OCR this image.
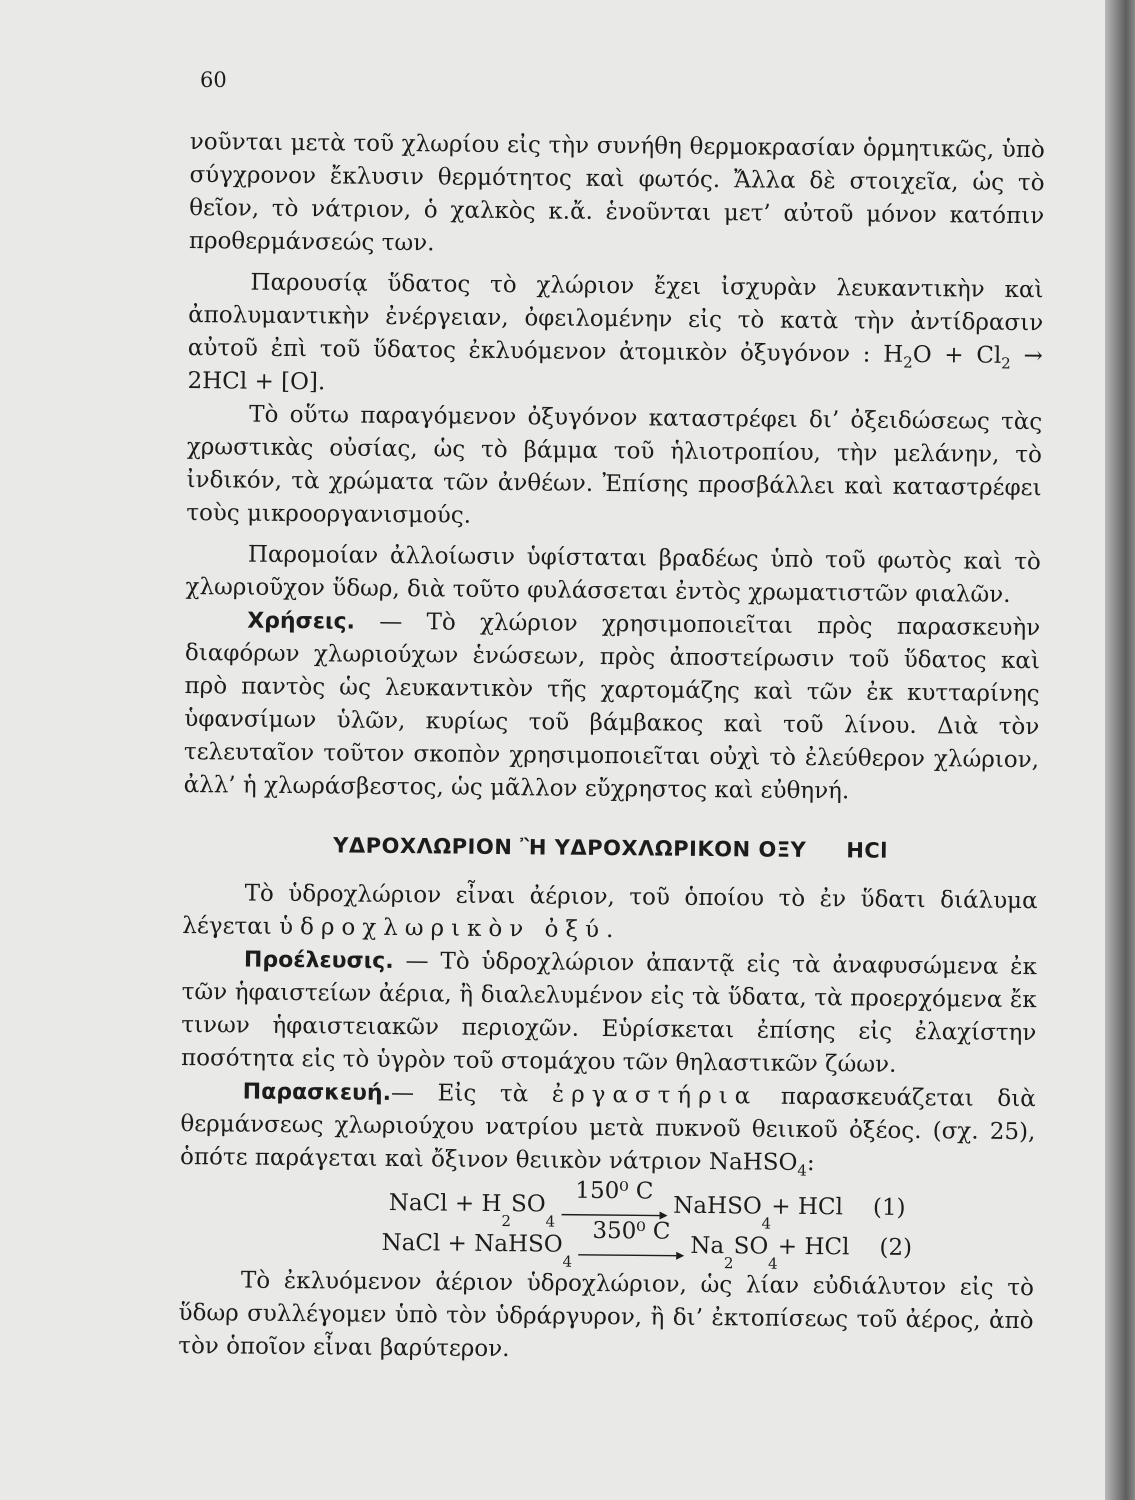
60

νοῦνται μετὰ τοῦ χλωρίου εἰς τὴν συνήθη θερμοκρασίαν ὁρμητικῶς, ὑπὸ σύγχρονον ἔκλυσιν θερμότητος καὶ φωτός. Ἄλλα δὲ στοιχεῖα, ὡς τὸ θεῖον, τὸ νάτριον, ὁ χαλκὸς κ.ἄ. ἑνοῦνται μετ’ αὐτοῦ μόνον κατόπιν προθερμάνσεώς των.

Παρουσίᾳ ὕδατος τὸ χλώριον ἔχει ἰσχυρὰν λευκαντικὴν καὶ ἀπολυμαντικὴν ἐνέργειαν, ὀφειλομένην εἰς τὸ κατὰ τὴν ἀντίδρασιν αὐτοῦ ἐπὶ τοῦ ὕδατος ἐκλυόμενον ἀτομικὸν ὀξυγόνον : $H_2O + Cl_2 \to 2HCl + [O]$.

Τὸ οὕτω παραγόμενον ὀξυγόνον καταστρέφει δι’ ὀξειδώσεως τὰς χρωστικὰς οὐσίας, ὡς τὸ βάμμα τοῦ ἡλιοτροπίου, τὴν μελάνην, τὸ ἰνδικόν, τὰ χρώματα τῶν ἀνθέων. Ἐπίσης προσβάλλει καὶ καταστρέφει τοὺς μικροοργανισμούς.

Παρομοίαν ἀλλοίωσιν ὑφίσταται βραδέως ὑπὸ τοῦ φωτὸς καὶ τὸ χλωριοῦχον ὕδωρ, διὰ τοῦτο φυλάσσεται ἐντὸς χρωματιστῶν φιαλῶν.

Χρήσεις. — Τὸ χλώριον χρησιμοποιεῖται πρὸς παρασκευὴν διαφόρων χλωριούχων ἑνώσεων, πρὸς ἀποστείρωσιν τοῦ ὕδατος καὶ πρὸ παντὸς ὡς λευκαντικὸν τῆς χαρτομάζης καὶ τῶν ἐκ κυτταρίνης ὑφανσίμων ὑλῶν, κυρίως τοῦ βάμβακος καὶ τοῦ λίνου. Διὰ τὸν τελευταῖον τοῦτον σκοπὸν χρησιμοποιεῖται οὐχὶ τὸ ἐλεύθερον χλώριον, ἀλλ’ ἡ χλωράσβεστος, ὡς μᾶλλον εὔχρηστος καὶ εὐθηνή.

ΥΔΡΟΧΛΩΡΙΟΝ Ἢ ΥΔΡΟΧΛΩΡΙΚΟΝ ΟΞΥ HCl

Τὸ ὑδροχλώριον εἶναι ἀέριον, τοῦ ὁποίου τὸ ἐν ὕδατι διάλυμα λέγεται ὑδροχλωρικὸν ὀξύ.

Προέλευσις. — Τὸ ὑδροχλώριον ἀπαντᾷ εἰς τὰ ἀναφυσώμενα ἐκ τῶν ἡφαιστείων ἀέρια, ἢ διαλελυμένον εἰς τὰ ὕδατα, τὰ προερχόμενα ἔκ τινων ἡφαιστειακῶν περιοχῶν. Εὑρίσκεται ἐπίσης εἰς ἐλαχίστην ποσότητα εἰς τὸ ὑγρὸν τοῦ στομάχου τῶν θηλαστικῶν ζώων.

Παρασκευή.— Εἰς τὰ ἐργαστήρια παρασκευάζεται διὰ θερμάνσεως χλωριούχου νατρίου μετὰ πυκνοῦ θειικοῦ ὀξέος. (σχ. 25), ὁπότε παράγεται καὶ ὄξινον θειικὸν νάτριον NaHSO$_4$:

NaCl + H
2
SO
4
150⁰ C
NaHSO
4
+ HCl (1)
NaCl + NaHSO
4
350⁰ C
Na
2
SO
4
+ HCl (2)

Τὸ ἐκλυόμενον ἀέριον ὑδροχλώριον, ὡς λίαν εὐδιάλυτον εἰς τὸ ὕδωρ συλλέγομεν ὑπὸ τὸν ὑδράργυρον, ἢ δι’ ἐκτοπίσεως τοῦ ἀέρος, ἀπὸ τὸν ὁποῖον εἶναι βαρύτερον.
